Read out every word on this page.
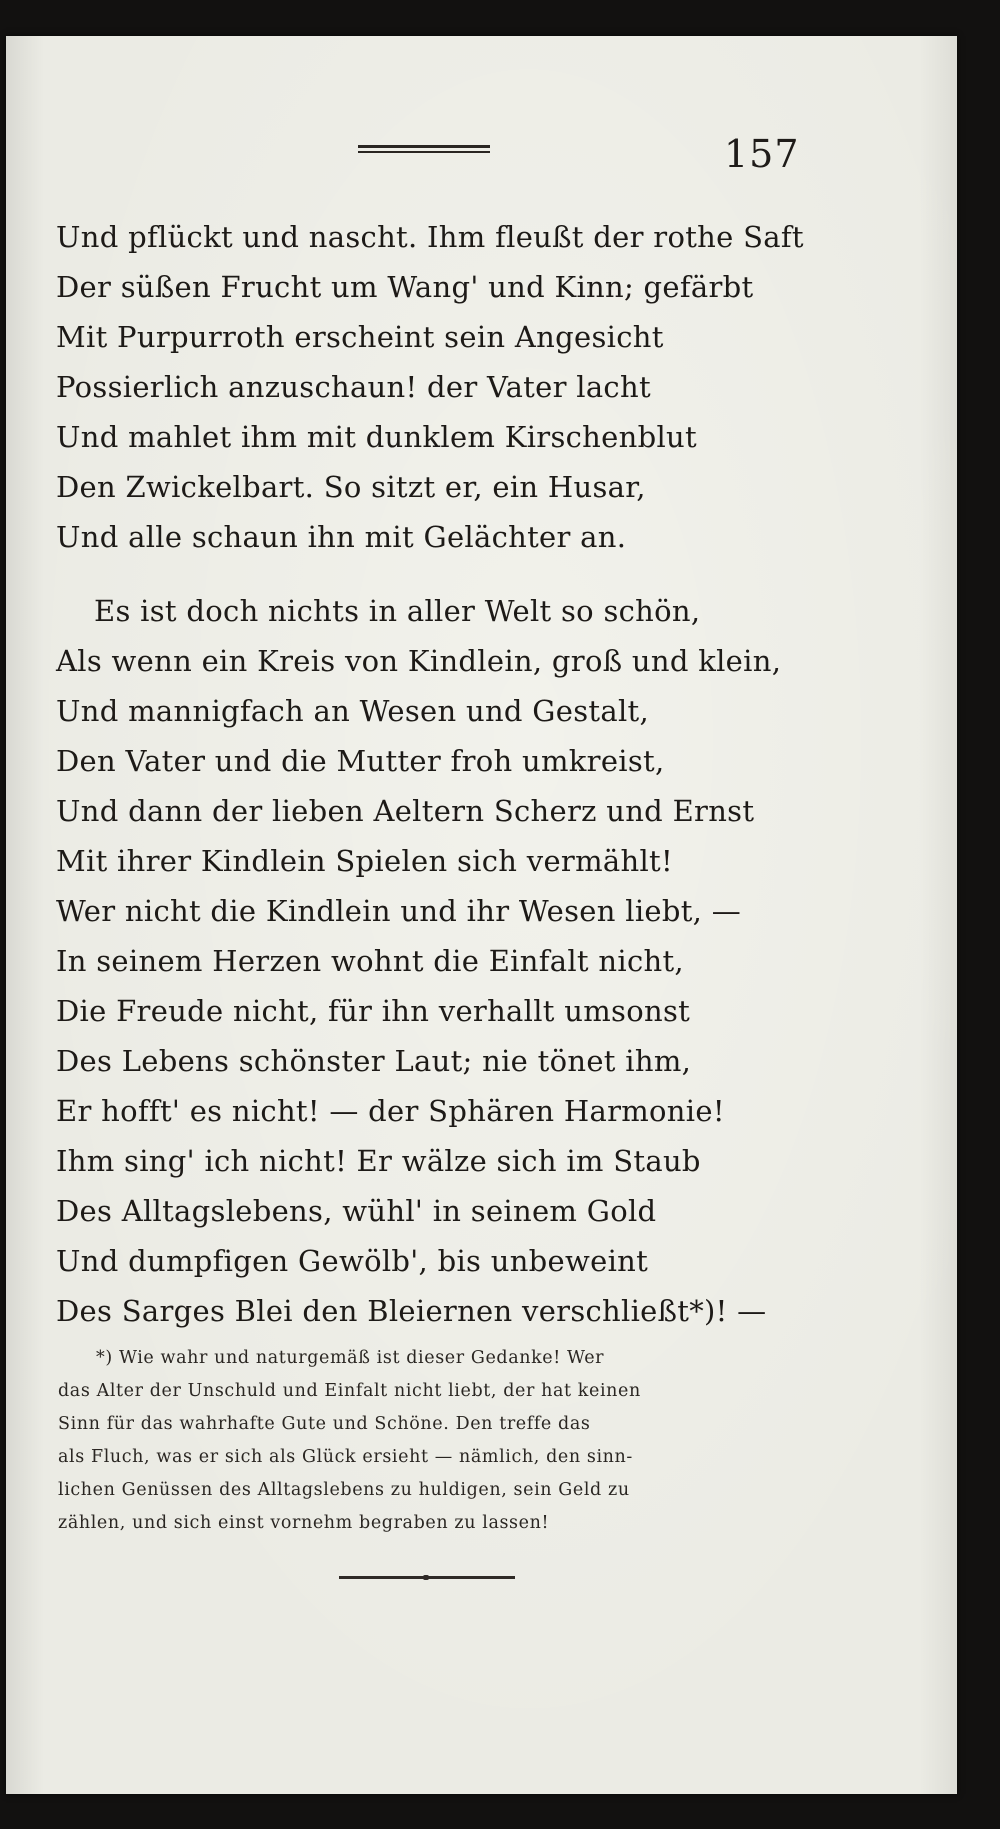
157
Und pflückt und nascht. Ihm fleußt der rothe Saft
Der süßen Frucht um Wang' und Kinn; gefärbt
Mit Purpurroth erscheint sein Angesicht
Possierlich anzuschaun! der Vater lacht
Und mahlet ihm mit dunklem Kirschenblut
Den Zwickelbart. So sitzt er, ein Husar,
Und alle schaun ihn mit Gelächter an.
Es ist doch nichts in aller Welt so schön,
Als wenn ein Kreis von Kindlein, groß und klein,
Und mannigfach an Wesen und Gestalt,
Den Vater und die Mutter froh umkreist,
Und dann der lieben Aeltern Scherz und Ernst
Mit ihrer Kindlein Spielen sich vermählt!
Wer nicht die Kindlein und ihr Wesen liebt, —
In seinem Herzen wohnt die Einfalt nicht,
Die Freude nicht, für ihn verhallt umsonst
Des Lebens schönster Laut; nie tönet ihm,
Er hofft' es nicht! — der Sphären Harmonie!
Ihm sing' ich nicht! Er wälze sich im Staub
Des Alltagslebens, wühl' in seinem Gold
Und dumpfigen Gewölb', bis unbeweint
Des Sarges Blei den Bleiernen verschließt*)! —
*) Wie wahr und naturgemäß ist dieser Gedanke! Wer
das Alter der Unschuld und Einfalt nicht liebt, der hat keinen
Sinn für das wahrhafte Gute und Schöne. Den treffe das
als Fluch, was er sich als Glück ersieht — nämlich, den sinn-
lichen Genüssen des Alltagslebens zu huldigen, sein Geld zu
zählen, und sich einst vornehm begraben zu lassen!
